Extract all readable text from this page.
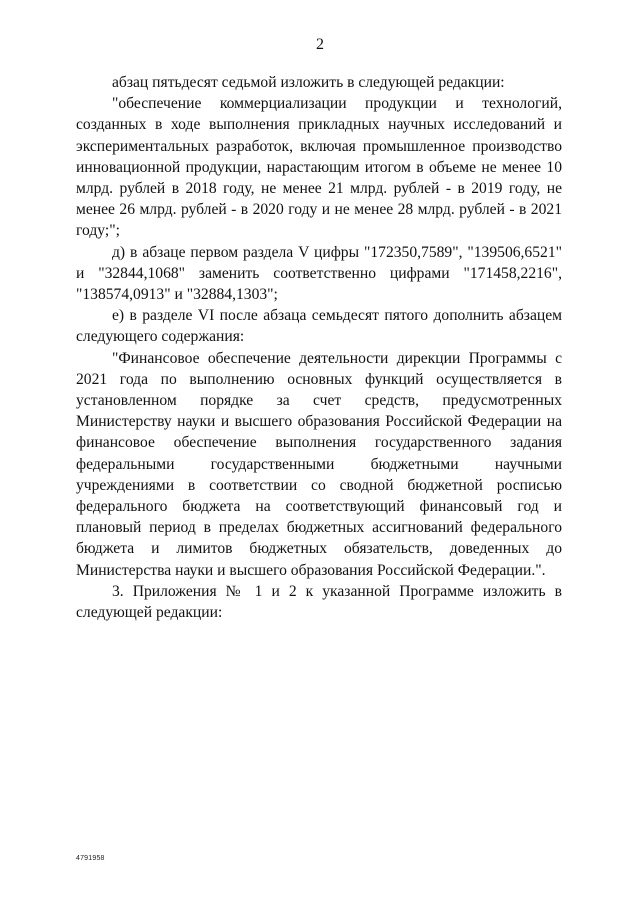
2

абзац пятьдесят седьмой изложить в следующей редакции:

"обеспечение коммерциализации продукции и технологий, созданных в ходе выполнения прикладных научных исследований и экспериментальных разработок, включая промышленное производство инновационной продукции, нарастающим итогом в объеме не менее 10 млрд. рублей в 2018 году, не менее 21 млрд. рублей - в 2019 году, не менее 26 млрд. рублей - в 2020 году и не менее 28 млрд. рублей - в 2021 году;";

д) в абзаце первом раздела V цифры "172350,7589", "139506,6521" и "32844,1068" заменить соответственно цифрами "171458,2216", "138574,0913" и "32884,1303";

е) в разделе VI после абзаца семьдесят пятого дополнить абзацем следующего содержания:

"Финансовое обеспечение деятельности дирекции Программы с 2021 года по выполнению основных функций осуществляется в установленном порядке за счет средств, предусмотренных Министерству науки и высшего образования Российской Федерации на финансовое обеспечение выполнения государственного задания федеральными государственными бюджетными научными учреждениями в соответствии со сводной бюджетной росписью федерального бюджета на соответствующий финансовый год и плановый период в пределах бюджетных ассигнований федерального бюджета и лимитов бюджетных обязательств, доведенных до Министерства науки и высшего образования Российской Федерации.".

3. Приложения № 1 и 2 к указанной Программе изложить в следующей редакции:

4791958
